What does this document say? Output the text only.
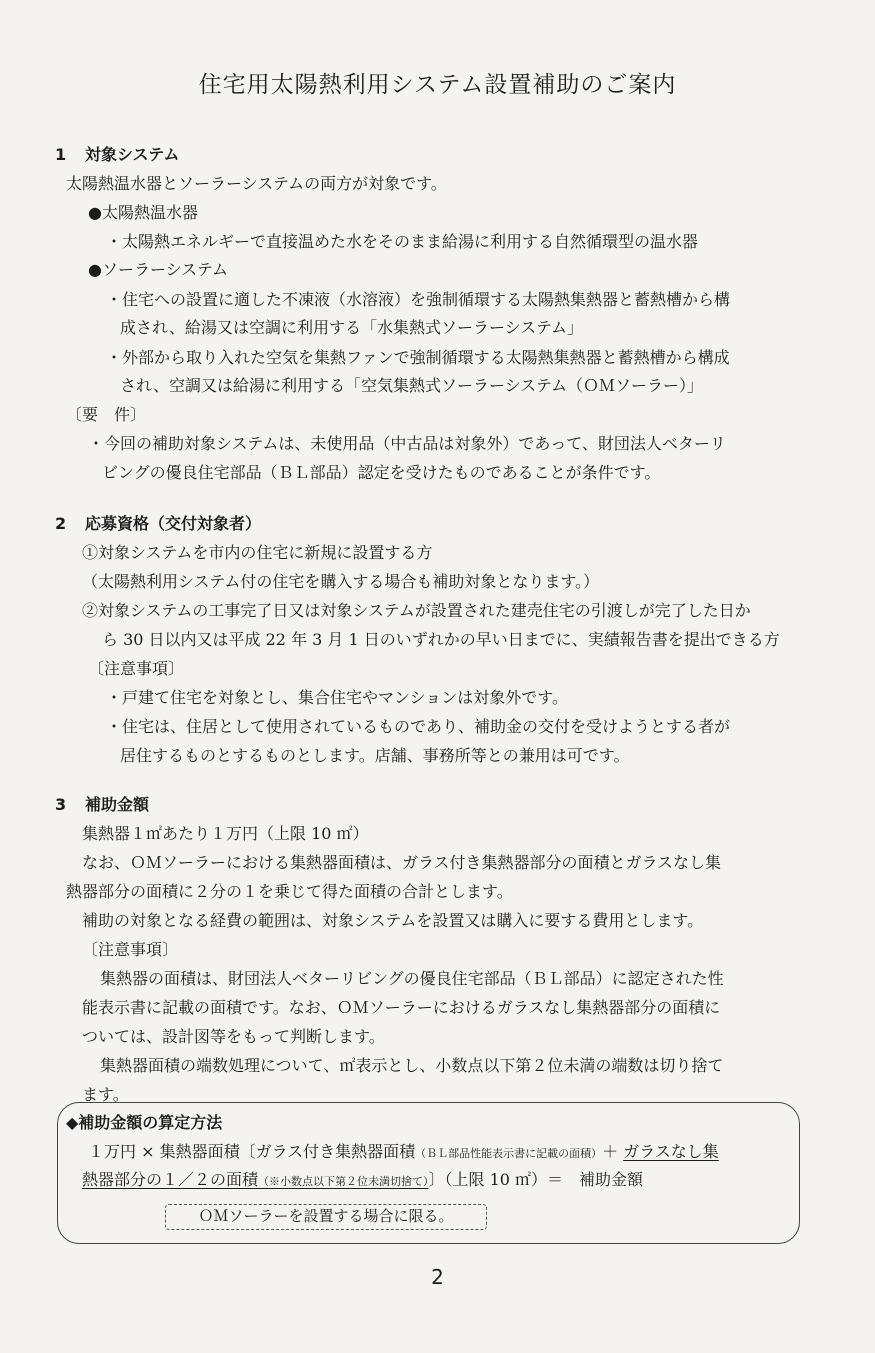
住宅用太陽熱利用システム設置補助のご案内
1 対象システム
太陽熱温水器とソーラーシステムの両方が対象です。
●太陽熱温水器
・太陽熱エネルギーで直接温めた水をそのまま給湯に利用する自然循環型の温水器
●ソーラーシステム
・住宅への設置に適した不凍液（水溶液）を強制循環する太陽熱集熱器と蓄熱槽から構
成され、給湯又は空調に利用する「水集熱式ソーラーシステム」
・外部から取り入れた空気を集熱ファンで強制循環する太陽熱集熱器と蓄熱槽から構成
され、空調又は給湯に利用する「空気集熱式ソーラーシステム（ＯＭソーラー）」
〔要　件〕
・今回の補助対象システムは、未使用品（中古品は対象外）であって、財団法人ベターリ
ビングの優良住宅部品（ＢＬ部品）認定を受けたものであることが条件です。
2 応募資格（交付対象者）
①対象システムを市内の住宅に新規に設置する方
（太陽熱利用システム付の住宅を購入する場合も補助対象となります。）
②対象システムの工事完了日又は対象システムが設置された建売住宅の引渡しが完了した日か
ら 30 日以内又は平成 22 年 3 月 1 日のいずれかの早い日までに、実績報告書を提出できる方
〔注意事項〕
・戸建て住宅を対象とし、集合住宅やマンションは対象外です。
・住宅は、住居として使用されているものであり、補助金の交付を受けようとする者が
居住するものとするものとします。店舗、事務所等との兼用は可です。
3 補助金額
集熱器１㎡あたり１万円（上限 10 ㎡）
なお、ＯＭソーラーにおける集熱器面積は、ガラス付き集熱器部分の面積とガラスなし集
熱器部分の面積に２分の１を乗じて得た面積の合計とします。
補助の対象となる経費の範囲は、対象システムを設置又は購入に要する費用とします。
〔注意事項〕
集熱器の面積は、財団法人ベターリビングの優良住宅部品（ＢＬ部品）に認定された性
能表示書に記載の面積です。なお、ＯＭソーラーにおけるガラスなし集熱器部分の面積に
ついては、設計図等をもって判断します。
集熱器面積の端数処理について、㎡表示とし、小数点以下第２位未満の端数は切り捨て
ます。
◆補助金額の算定方法
１万円 × 集熱器面積〔ガラス付き集熱器面積（ＢＬ部品性能表示書に記載の面積）＋ ガラスなし集
熱器部分の１／２の面積（※小数点以下第２位未満切捨て）〕（上限 10 ㎡）＝　補助金額
ＯＭソーラーを設置する場合に限る。
2
